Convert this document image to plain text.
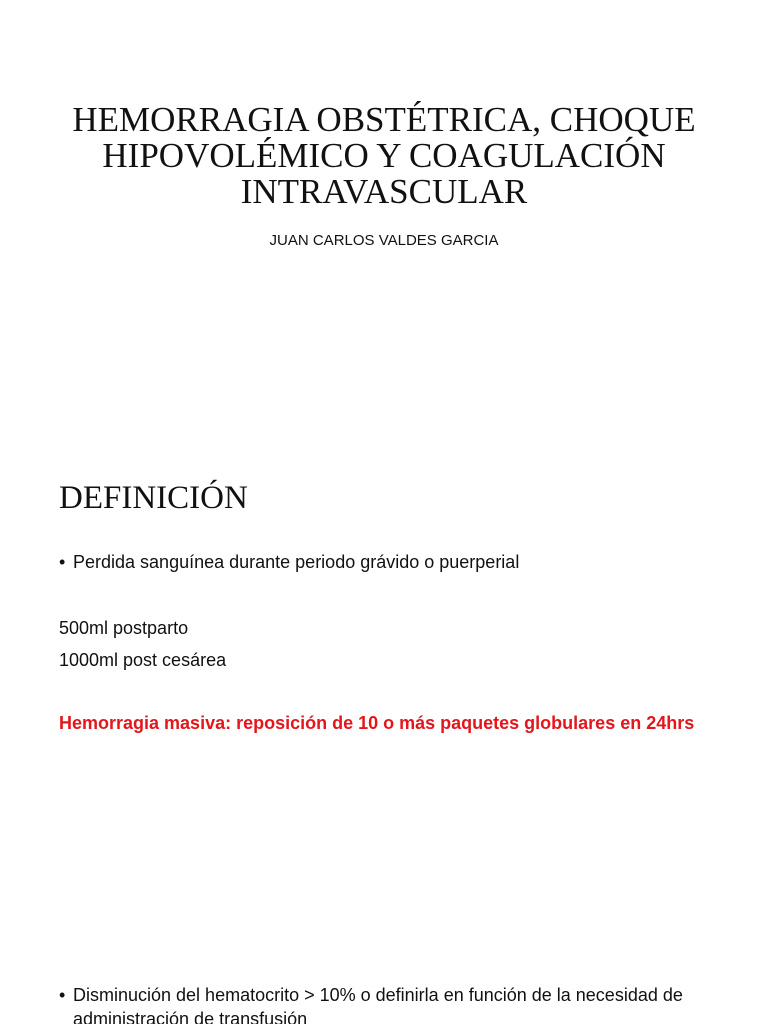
HEMORRAGIA OBSTÉTRICA, CHOQUE HIPOVOLÉMICO Y COAGULACIÓN INTRAVASCULAR

JUAN CARLOS VALDES GARCIA

DEFINICIÓN
• Perdida sanguínea durante periodo grávido o puerperial

500ml postparto

1000ml post cesárea

Hemorragia masiva: reposición de 10 o más paquetes globulares en 24hrs

• Disminución del hematocrito > 10% o definirla en función de la necesidad de administración de transfusión
